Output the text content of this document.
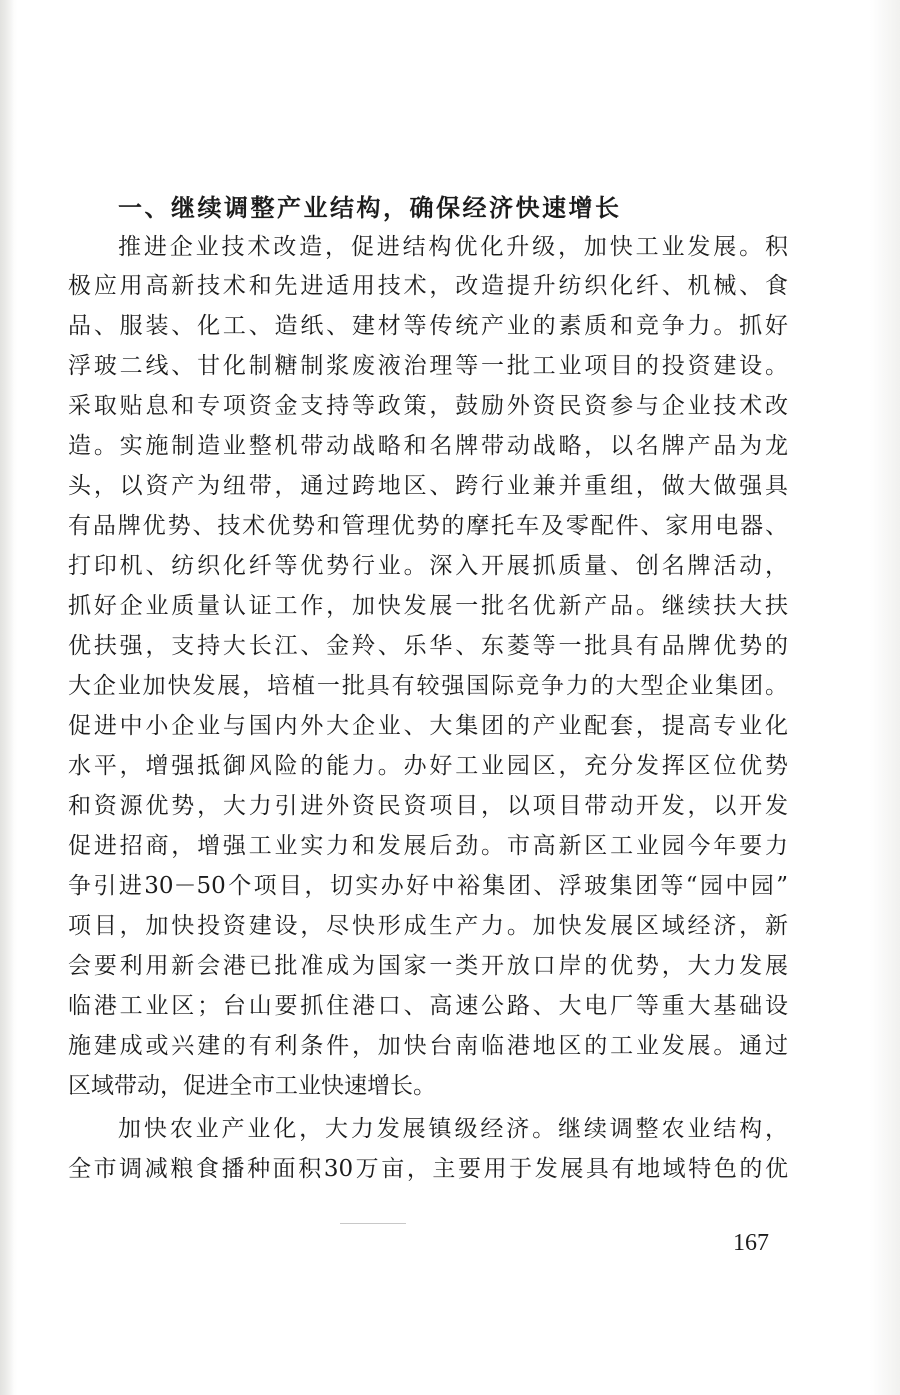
一、继续调整产业结构，确保经济快速增长

推进企业技术改造，促进结构优化升级，加快工业发展。积

极应用高新技术和先进适用技术，改造提升纺织化纤、机械、食

品、服装、化工、造纸、建材等传统产业的素质和竞争力。抓好

浮玻二线、甘化制糖制浆废液治理等一批工业项目的投资建设。

采取贴息和专项资金支持等政策，鼓励外资民资参与企业技术改

造。实施制造业整机带动战略和名牌带动战略，以名牌产品为龙

头，以资产为纽带，通过跨地区、跨行业兼并重组，做大做强具

有品牌优势、技术优势和管理优势的摩托车及零配件、家用电器、

打印机、纺织化纤等优势行业。深入开展抓质量、创名牌活动，

抓好企业质量认证工作，加快发展一批名优新产品。继续扶大扶

优扶强，支持大长江、金羚、乐华、东菱等一批具有品牌优势的

大企业加快发展，培植一批具有较强国际竞争力的大型企业集团。

促进中小企业与国内外大企业、大集团的产业配套，提高专业化

水平，增强抵御风险的能力。办好工业园区，充分发挥区位优势

和资源优势，大力引进外资民资项目，以项目带动开发，以开发

促进招商，增强工业实力和发展后劲。市高新区工业园今年要力

争引进30－50个项目，切实办好中裕集团、浮玻集团等“园中园”

项目，加快投资建设，尽快形成生产力。加快发展区域经济，新

会要利用新会港已批准成为国家一类开放口岸的优势，大力发展

临港工业区；台山要抓住港口、高速公路、大电厂等重大基础设

施建成或兴建的有利条件，加快台南临港地区的工业发展。通过

区域带动，促进全市工业快速增长。

加快农业产业化，大力发展镇级经济。继续调整农业结构，

全市调减粮食播种面积30万亩，主要用于发展具有地域特色的优

167
